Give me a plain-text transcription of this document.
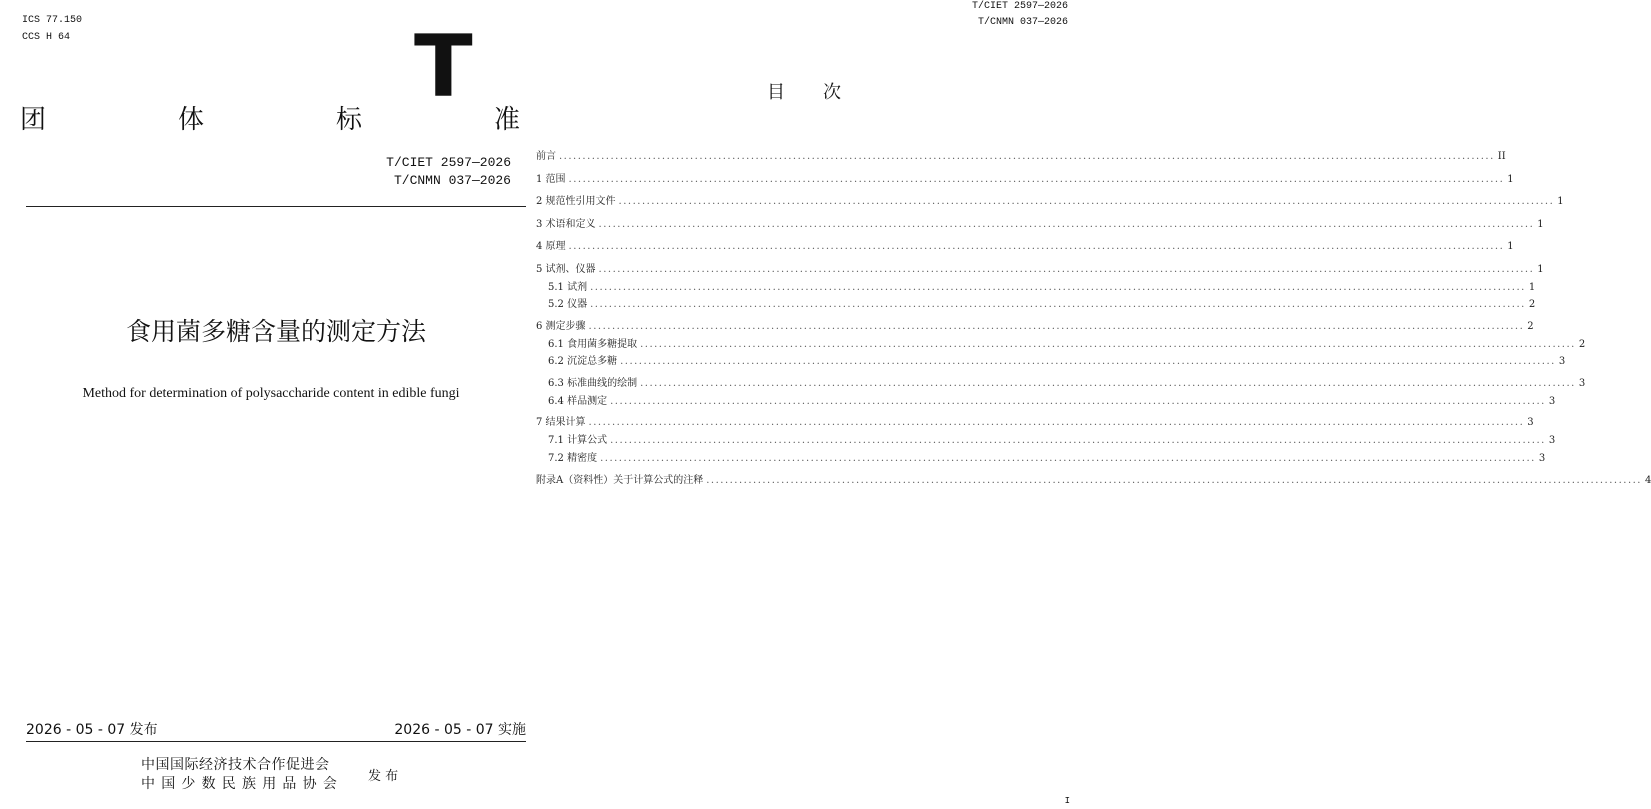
ICS 77.150
CCS H 64	T
团	体	标	准
T/CIET 2597—2026
T/CNMN 037—2026
食用菌多糖含量的测定方法
Method for determination of polysaccharide content in edible fungi
2026 - 05 - 07 发布	2026 - 05 - 07 实施
中国国际经济技术合作促进会
中国少数民族用品协会 发 布
T/CIET 2597—2026
T/CNMN 037—2026
目次
前言 ........................................................................................................................................................................................................ II
1 范围 ........................................................................................................................................................................................................ 1
2 规范性引用文件 ........................................................................................................................................................................................................ 1
3 术语和定义 ........................................................................................................................................................................................................ 1
4 原理 ........................................................................................................................................................................................................ 1
5 试剂、仪器 ........................................................................................................................................................................................................ 1
5.1 试剂 ........................................................................................................................................................................................................ 1
5.2 仪器 ........................................................................................................................................................................................................ 2
6 测定步骤 ........................................................................................................................................................................................................ 2
6.1 食用菌多糖提取 ........................................................................................................................................................................................................ 2
6.2 沉淀总多糖 ........................................................................................................................................................................................................ 3
6.3 标准曲线的绘制 ........................................................................................................................................................................................................ 3
6.4 样品测定 ........................................................................................................................................................................................................ 3
7 结果计算 ........................................................................................................................................................................................................ 3
7.1 计算公式 ........................................................................................................................................................................................................ 3
7.2 精密度 ........................................................................................................................................................................................................ 3
附录A（资料性）关于计算公式的注释 ........................................................................................................................................................................................................ 4
I
